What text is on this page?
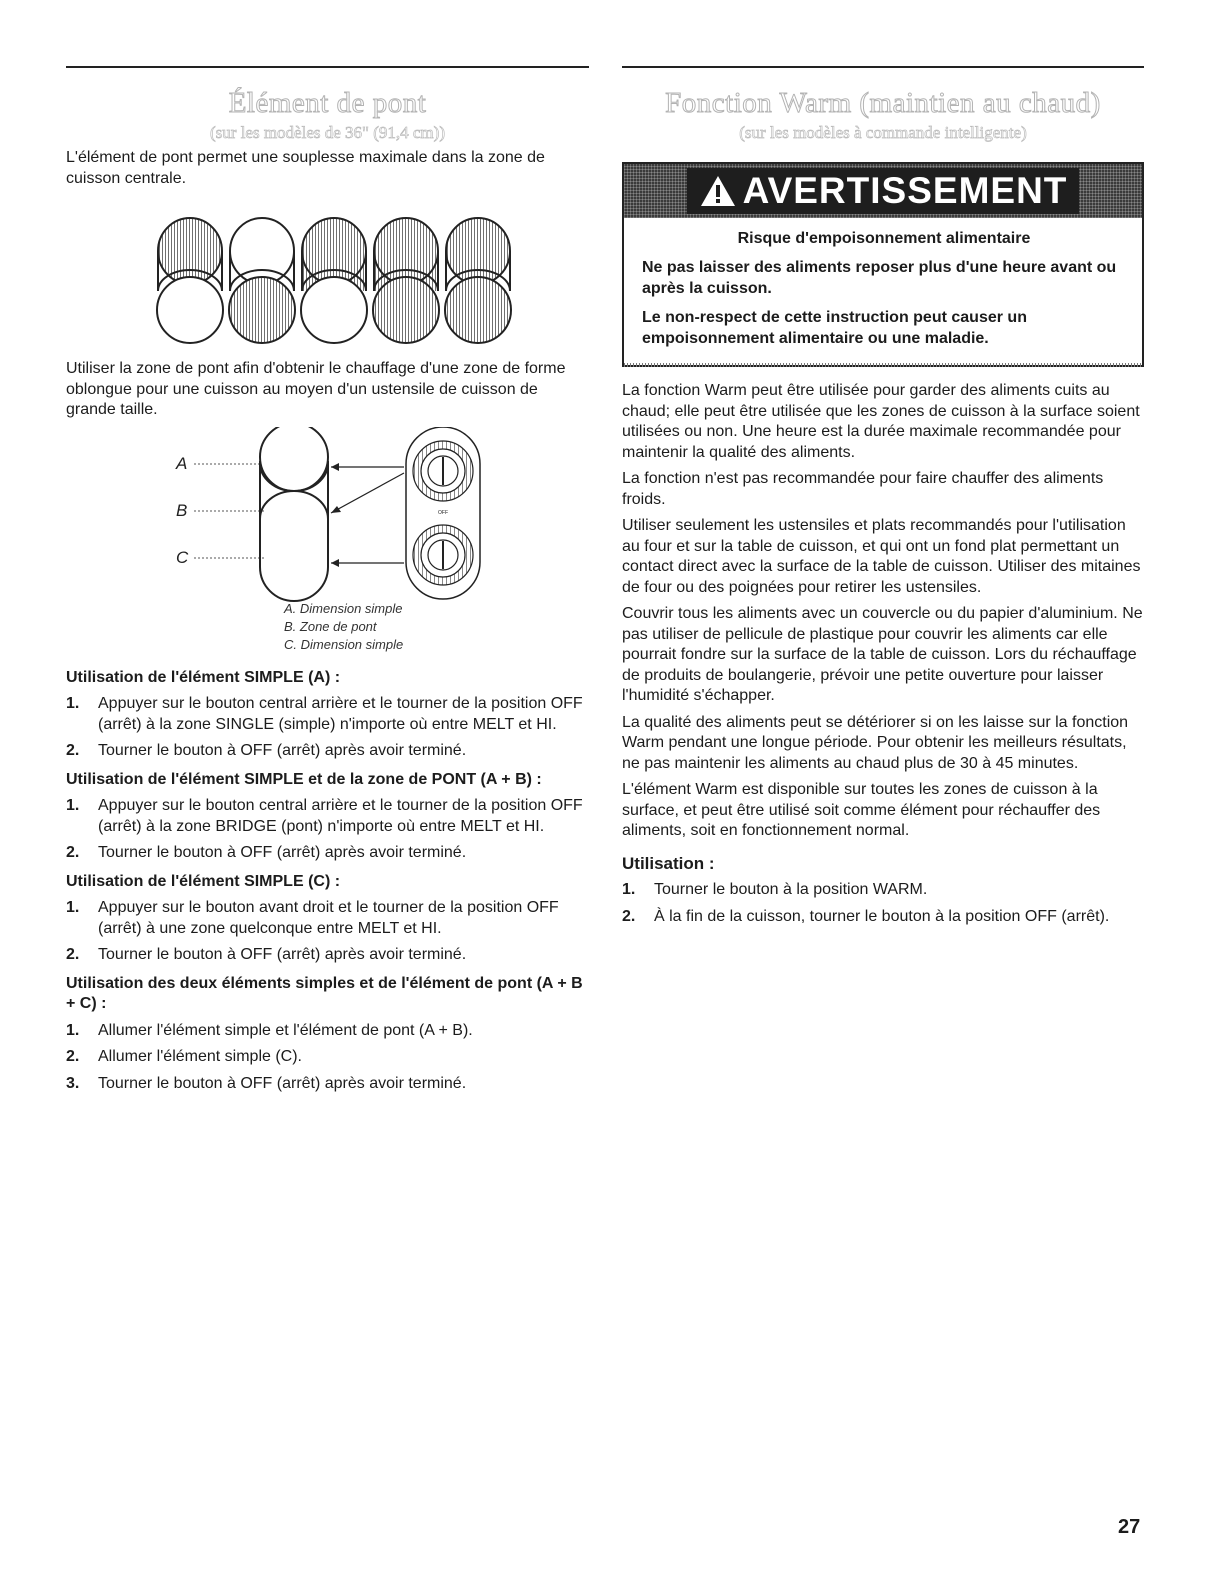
Élément de pont
(sur les modèles de 36" (91,4 cm))

L'élément de pont permet une souplesse maximale dans la zone de cuisson centrale.

Utiliser la zone de pont afin d'obtenir le chauffage d'une zone de forme oblongue pour une cuisson au moyen d'un ustensile de cuisson de grande taille.

A
B
C
OFF
A. Dimension simple
B. Zone de pont
C. Dimension simple
Utilisation de l'élément SIMPLE (A) :
1. Appuyer sur le bouton central arrière et le tourner de la position OFF (arrêt) à la zone SINGLE (simple) n'importe où entre MELT et HI.
2. Tourner le bouton à OFF (arrêt) après avoir terminé.
Utilisation de l'élément SIMPLE et de la zone de PONT (A + B) :
1. Appuyer sur le bouton central arrière et le tourner de la position OFF (arrêt) à la zone BRIDGE (pont) n'importe où entre MELT et HI.
2. Tourner le bouton à OFF (arrêt) après avoir terminé.
Utilisation de l'élément SIMPLE (C) :
1. Appuyer sur le bouton avant droit et le tourner de la position OFF (arrêt) à une zone quelconque entre MELT et HI.
2. Tourner le bouton à OFF (arrêt) après avoir terminé.
Utilisation des deux éléments simples et de l'élément de pont (A + B + C) :
1. Allumer l'élément simple et l'élément de pont (A + B).
2. Allumer l'élément simple (C).
3. Tourner le bouton à OFF (arrêt) après avoir terminé.
Fonction Warm (maintien au chaud)
(sur les modèles à commande intelligente)
AVERTISSEMENT
Risque d'empoisonnement alimentaire
Ne pas laisser des aliments reposer plus d'une heure avant ou après la cuisson.
Le non-respect de cette instruction peut causer un empoisonnement alimentaire ou une maladie.

La fonction Warm peut être utilisée pour garder des aliments cuits au chaud; elle peut être utilisée que les zones de cuisson à la surface soient utilisées ou non. Une heure est la durée maximale recommandée pour maintenir la qualité des aliments.

La fonction n'est pas recommandée pour faire chauffer des aliments froids.

Utiliser seulement les ustensiles et plats recommandés pour l'utilisation au four et sur la table de cuisson, et qui ont un fond plat permettant un contact direct avec la surface de la table de cuisson. Utiliser des mitaines de four ou des poignées pour retirer les ustensiles.

Couvrir tous les aliments avec un couvercle ou du papier d'aluminium. Ne pas utiliser de pellicule de plastique pour couvrir les aliments car elle pourrait fondre sur la surface de la table de cuisson. Lors du réchauffage de produits de boulangerie, prévoir une petite ouverture pour laisser l'humidité s'échapper.

La qualité des aliments peut se détériorer si on les laisse sur la fonction Warm pendant une longue période. Pour obtenir les meilleurs résultats, ne pas maintenir les aliments au chaud plus de 30 à 45 minutes.

L'élément Warm est disponible sur toutes les zones de cuisson à la surface, et peut être utilisé soit comme élément pour réchauffer des aliments, soit en fonctionnement normal.

Utilisation :
1. Tourner le bouton à la position WARM.
2. À la fin de la cuisson, tourner le bouton à la position OFF (arrêt).
27
